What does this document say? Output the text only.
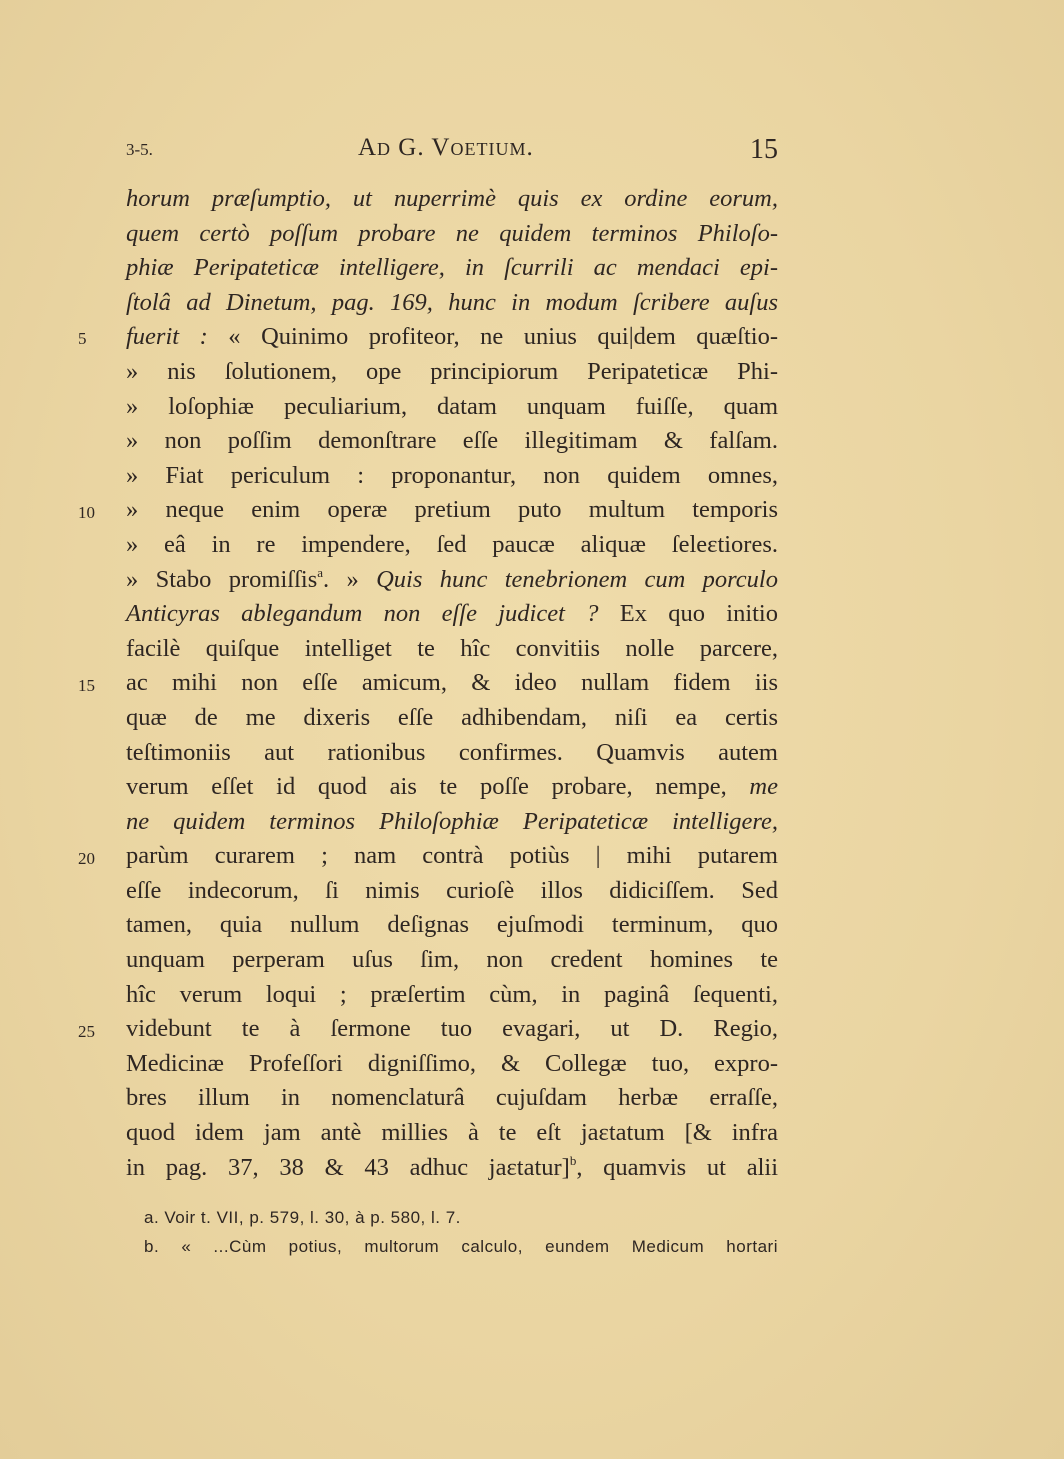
3-5.	Ad G. Voetium.	15
5
10
15
20
25
horum præſumptio, ut nuperrimè quis ex ordine eorum,
quem certò poſſum probare ne quidem terminos Philoſo-
phiæ Peripateticæ intelligere, in ſcurrili ac mendaci epi-
ſtolâ ad Dinetum, pag. 169, hunc in modum ſcribere auſus
fuerit : « Quinimo profiteor, ne unius qui|dem quæſtio-
» nis ſolutionem, ope principiorum Peripateticæ Phi-
» loſophiæ peculiarium, datam unquam fuiſſe, quam
» non poſſim demonſtrare eſſe illegitimam & falſam.
» Fiat periculum : proponantur, non quidem omnes,
» neque enim operæ pretium puto multum temporis
» eâ in re impendere, ſed paucæ aliquæ ſeleɛtiores.
» Stabo promiſſis$^a$. » Quis hunc tenebrionem cum porculo
Anticyras ablegandum non eſſe judicet ? Ex quo initio
facilè quiſque intelliget te hîc convitiis nolle parcere,
ac mihi non eſſe amicum, & ideo nullam fidem iis
quæ de me dixeris eſſe adhibendam, niſi ea certis
teſtimoniis aut rationibus confirmes. Quamvis autem
verum eſſet id quod ais te poſſe probare, nempe, me
ne quidem terminos Philoſophiæ Peripateticæ intelligere,
parùm curarem ; nam contrà potiùs | mihi putarem
eſſe indecorum, ſi nimis curioſè illos didiciſſem. Sed
tamen, quia nullum deſignas ejuſmodi terminum, quo
unquam perperam uſus ſim, non credent homines te
hîc verum loqui ; præſertim cùm, in paginâ ſequenti,
videbunt te à ſermone tuo evagari, ut D. Regio,
Medicinæ Profeſſori digniſſimo, & Collegæ tuo, expro-
bres illum in nomenclaturâ cujuſdam herbæ erraſſe,
quod idem jam antè millies à te eſt jaɛtatum [& infra
in pag. 37, 38 & 43 adhuc jaɛtatur]$^b$, quamvis ut alii
a. Voir t. VII, p. 579, l. 30, à p. 580, l. 7.
b. « ...Cùm potius, multorum calculo, eundem Medicum hortari
